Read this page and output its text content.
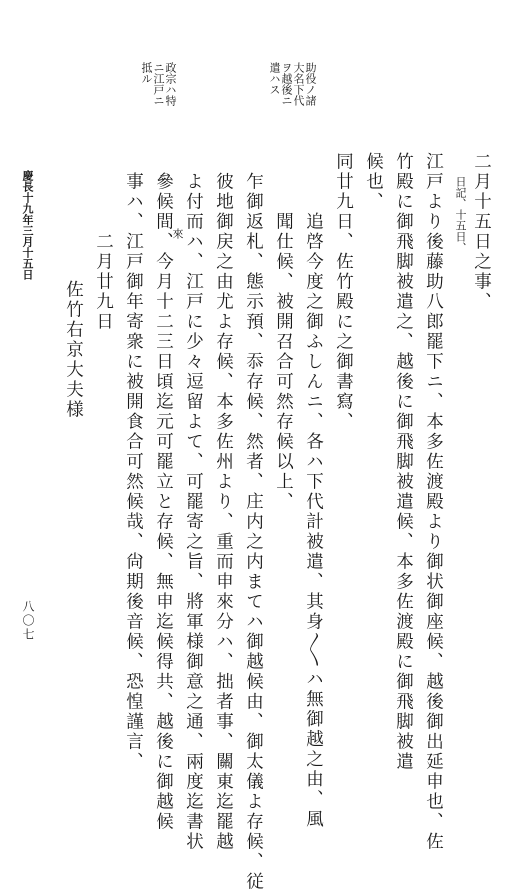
助役ノ諸
大名下代
ヲ越後ニ
遣ハス
政宗ハ特
ニ江戸ニ
抵ル
二月十五日之事、
日記、十五日、
江戸より後藤助八郎罷下ニ、本多佐渡殿より御状御座候、越後御出延申也、佐
竹殿に御飛脚被遣之、越後に御飛脚被遣候、本多佐渡殿に御飛脚被遣
候也、
同廿九日、佐竹殿に之御書寫、
追啓今度之御ふしんニ、各ハ下代計被遣、其身〳〵ハ無御越之由、風
聞仕候、被開召合可然存候以上、
乍御返札、態示預、忝存候、然者、庄内之内まてハ御越候由、御太儀よ存候、従
彼地御戻之由尤よ存候、本多佐州より、重而申來分ハ、拙者事、關東迄罷越
よ付而ハ、江戸に少々逗留よて、可罷寄之旨、將軍様御意之通、兩度迄書状
參候間、今月十二三日頃迄元可罷立と存候、無申迄候得共、越後に御越候
事ハ、江戸御年寄衆に被開食合可然候哉、尙期後音候、恐惶謹言、
二月廿九日
佐竹右京大夫様
來
慶長十九年三月十五日
八〇七
